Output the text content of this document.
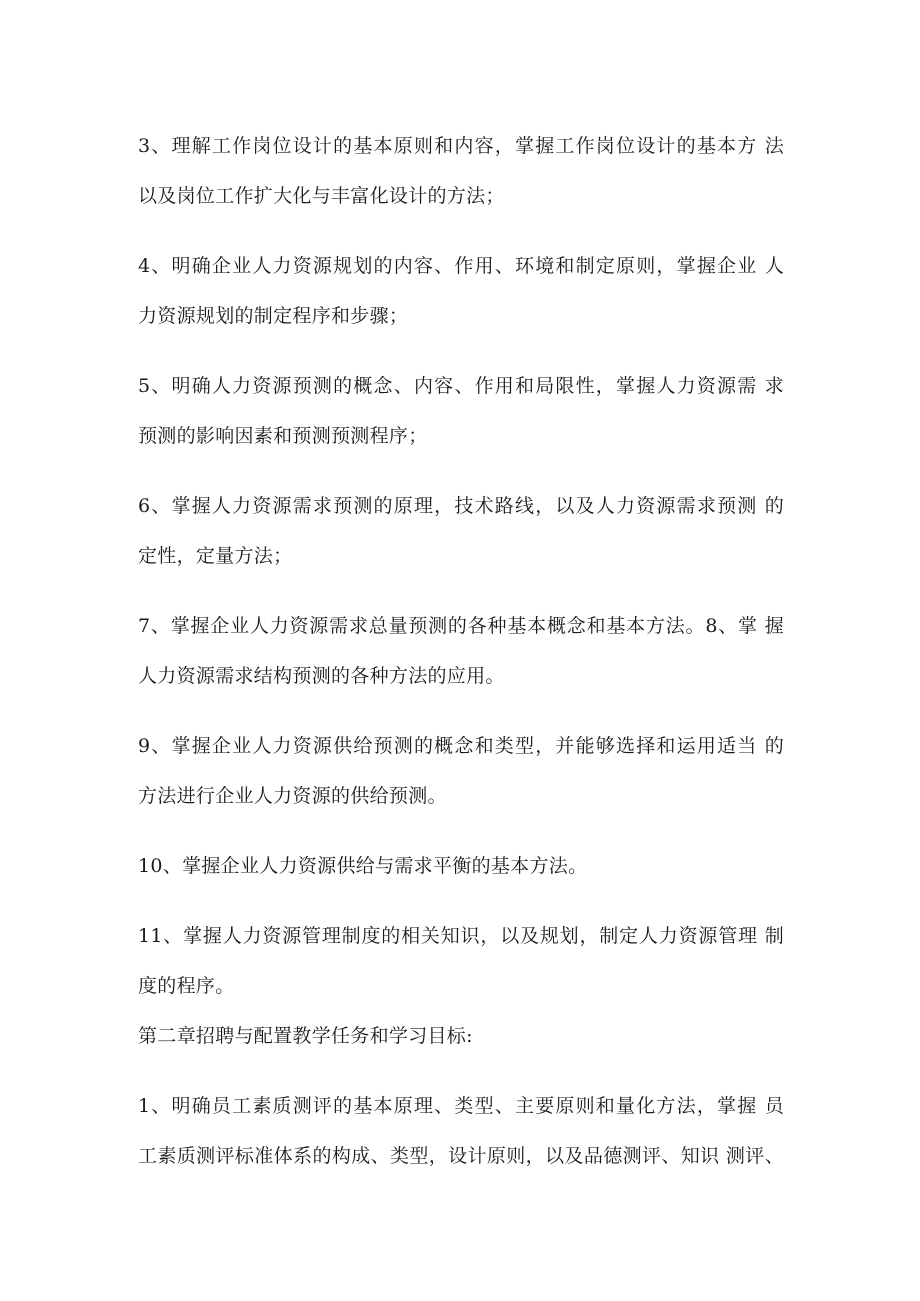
3、理解工作岗位设计的基本原则和内容，掌握工作岗位设计的基本方 法
以及岗位工作扩大化与丰富化设计的方法；
4、明确企业人力资源规划的内容、作用、环境和制定原则，掌握企业 人
力资源规划的制定程序和步骤；
5、明确人力资源预测的概念、内容、作用和局限性，掌握人力资源需 求
预测的影响因素和预测预测程序；
6、掌握人力资源需求预测的原理，技术路线，以及人力资源需求预测 的
定性，定量方法；
7、掌握企业人力资源需求总量预测的各种基本概念和基本方法。8、掌 握
人力资源需求结构预测的各种方法的应用。
9、掌握企业人力资源供给预测的概念和类型，并能够选择和运用适当 的
方法进行企业人力资源的供给预测。
10、掌握企业人力资源供给与需求平衡的基本方法。
11、掌握人力资源管理制度的相关知识，以及规划，制定人力资源管理 制
度的程序。
第二章招聘与配置教学任务和学习目标:
1、明确员工素质测评的基本原理、类型、主要原则和量化方法，掌握 员
工素质测评标准体系的构成、类型，设计原则，以及品德测评、知识 测评、
